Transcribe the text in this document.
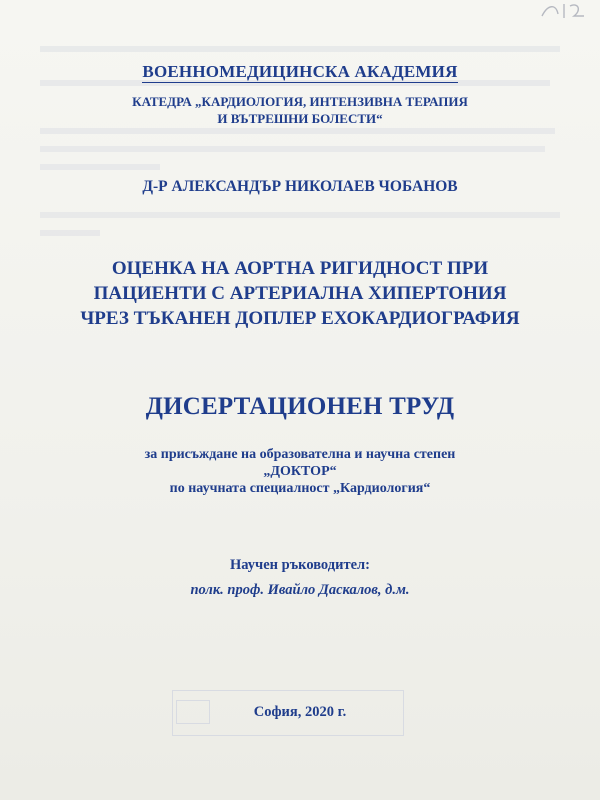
ВОЕННОМЕДИЦИНСКА АКАДЕМИЯ
КАТЕДРА „КАРДИОЛОГИЯ, ИНТЕНЗИВНА ТЕРАПИЯ
И ВЪТРЕШНИ БОЛЕСТИ“
Д-Р АЛЕКСАНДЪР НИКОЛАЕВ ЧОБАНОВ
ОЦЕНКА НА АОРТНА РИГИДНОСТ ПРИ
ПАЦИЕНТИ С АРТЕРИАЛНА ХИПЕРТОНИЯ
ЧРЕЗ ТЪКАНЕН ДОПЛЕР ЕХОКАРДИОГРАФИЯ
ДИСЕРТАЦИОНЕН ТРУД
за присъждане на образователна и научна степен
„ДОКТОР“
по научната специалност „Кардиология“
Научен ръководител:
полк. проф. Ивайло Даскалов, д.м.
София, 2020 г.
